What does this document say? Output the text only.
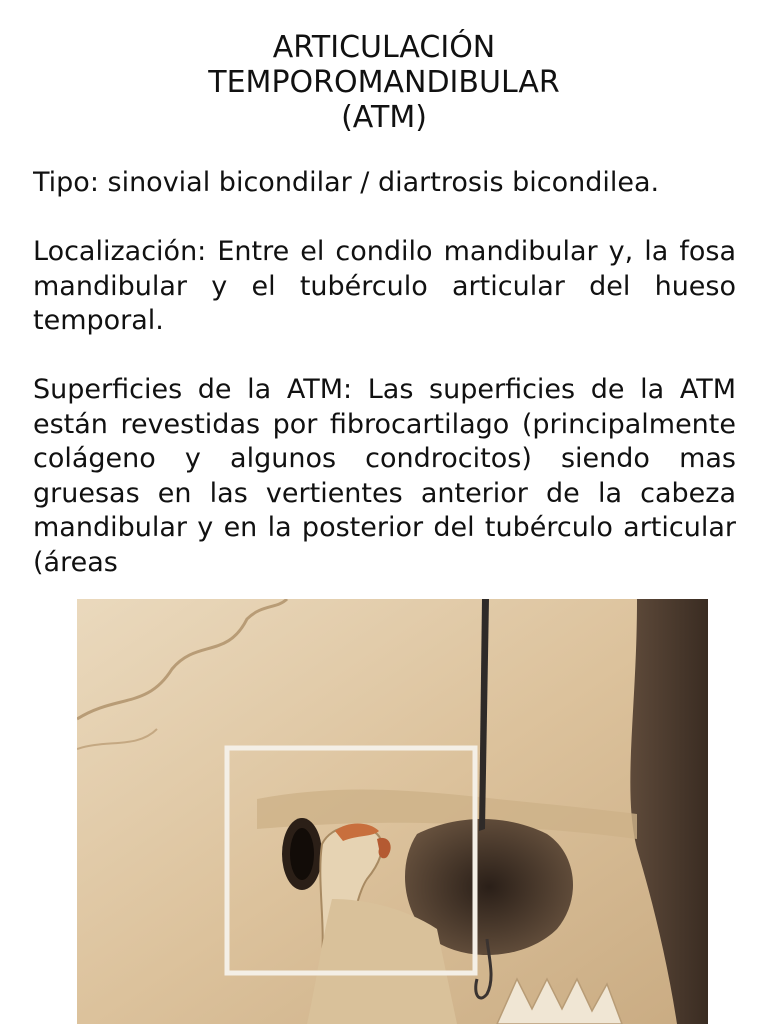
ARTICULACIÓN
TEMPOROMANDIBULAR
(ATM)

Tipo: sinovial bicondilar / diartrosis bicondilea.

Localización: Entre el condilo mandibular y, la fosa mandibular y el tubérculo articular del hueso temporal.

Superficies de la ATM: Las superficies de la ATM están revestidas por fibrocartilago (principalmente colágeno y algunos condrocitos) siendo mas gruesas en las vertientes anterior de la cabeza mandibular y en la posterior del tubérculo articular (áreas
